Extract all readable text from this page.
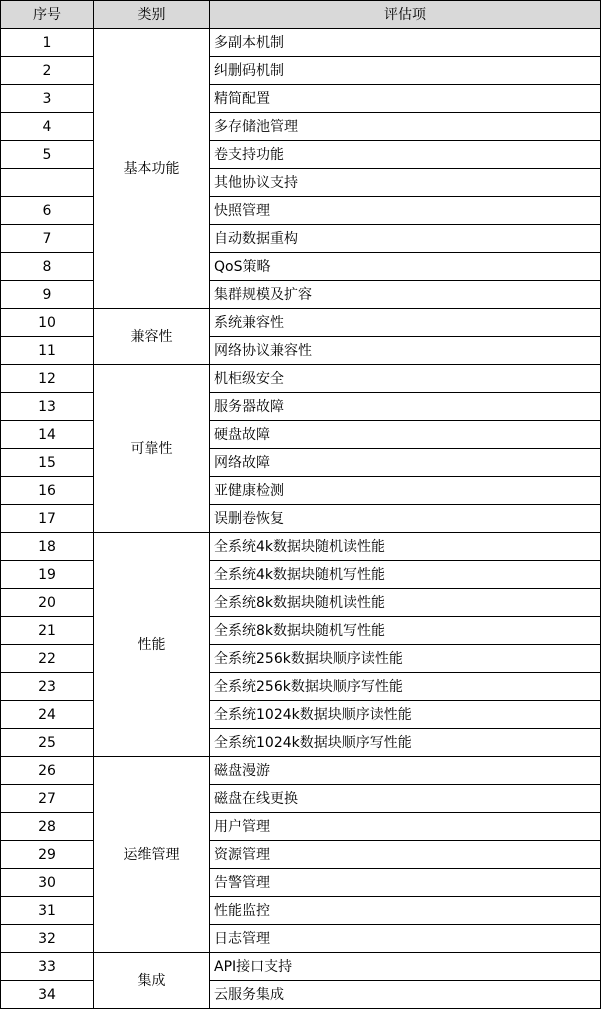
序号	类别	评估项
1	基本功能	多副本机制
2		纠删码机制
3		精简配置
4		多存储池管理
5		卷支持功能
		其他协议支持
6		快照管理
7		自动数据重构
8		QoS策略
9		集群规模及扩容
10	兼容性	系统兼容性
11		网络协议兼容性
12	可靠性	机柜级安全
13		服务器故障
14		硬盘故障
15		网络故障
16		亚健康检测
17		误删卷恢复
18	性能	全系统4k数据块随机读性能
19		全系统4k数据块随机写性能
20		全系统8k数据块随机读性能
21		全系统8k数据块随机写性能
22		全系统256k数据块顺序读性能
23		全系统256k数据块顺序写性能
24		全系统1024k数据块顺序读性能
25		全系统1024k数据块顺序写性能
26	运维管理	磁盘漫游
27		磁盘在线更换
28		用户管理
29		资源管理
30		告警管理
31		性能监控
32		日志管理
33	集成	API接口支持
34		云服务集成
